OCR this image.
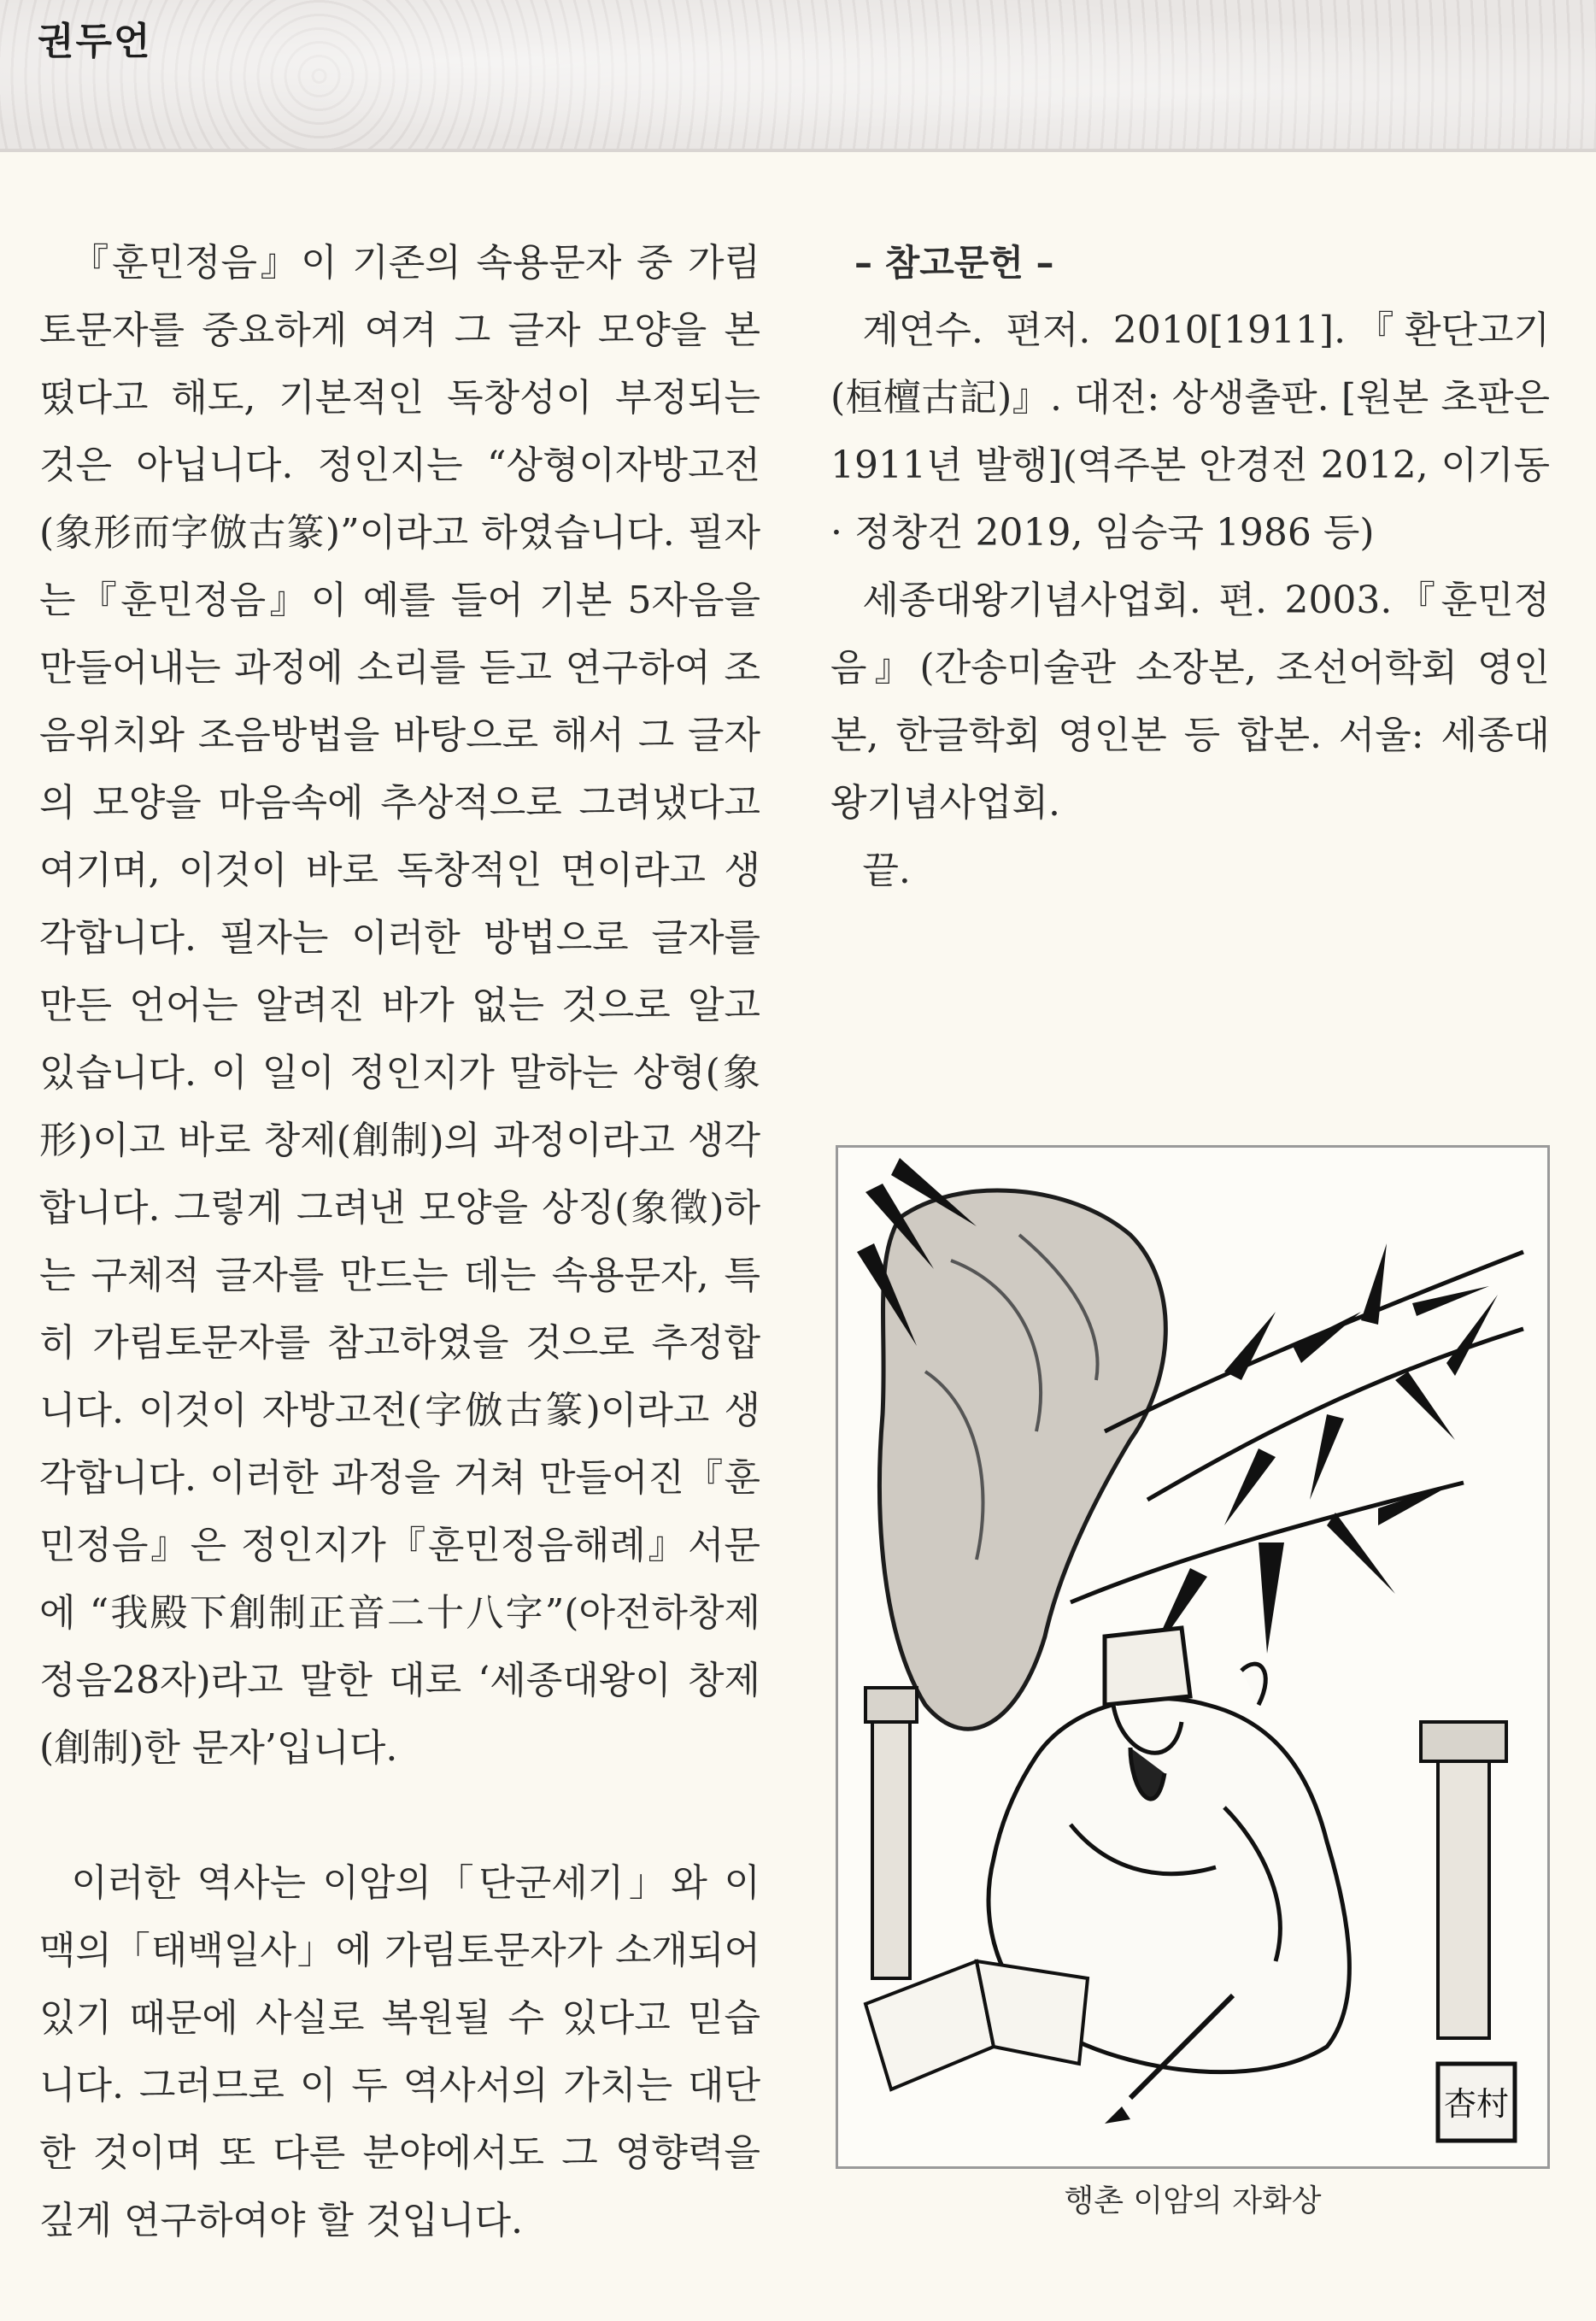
권두언

『훈민정음』이 기존의 속용문자 중 가림토문자를 중요하게 여겨 그 글자 모양을 본떴다고 해도, 기본적인 독창성이 부정되는 것은 아닙니다. 정인지는 “상형이자방고전(象形而字倣古篆)”이라고 하였습니다. 필자는『훈민정음』이 예를 들어 기본 5자음을 만들어내는 과정에 소리를 듣고 연구하여 조음위치와 조음방법을 바탕으로 해서 그 글자의 모양을 마음속에 추상적으로 그려냈다고 여기며, 이것이 바로 독창적인 면이라고 생각합니다. 필자는 이러한 방법으로 글자를 만든 언어는 알려진 바가 없는 것으로 알고 있습니다. 이 일이 정인지가 말하는 상형(象形)이고 바로 창제(創制)의 과정이라고 생각합니다. 그렇게 그려낸 모양을 상징(象徵)하는 구체적 글자를 만드는 데는 속용문자, 특히 가림토문자를 참고하였을 것으로 추정합니다. 이것이 자방고전(字倣古篆)이라고 생각합니다. 이러한 과정을 거쳐 만들어진『훈민정음』은 정인지가『훈민정음해례』서문에 “我殿下創制正音二十八字”(아전하창제정음28자)라고 말한 대로 ‘세종대왕이 창제(創制)한 문자’입니다.

이러한 역사는 이암의「단군세기」와 이맥의「태백일사」에 가림토문자가 소개되어 있기 때문에 사실로 복원될 수 있다고 믿습니다. 그러므로 이 두 역사서의 가치는 대단한 것이며 또 다른 분야에서도 그 영향력을 깊게 연구하여야 할 것입니다.

– 참고문헌 –

계연수. 편저. 2010[1911].『환단고기(桓檀古記)』. 대전: 상생출판. [원본 초판은 1911년 발행](역주본 안경전 2012, 이기동 · 정창건 2019, 임승국 1986 등)

세종대왕기념사업회. 편. 2003.『훈민정음』(간송미술관 소장본, 조선어학회 영인본, 한글학회 영인본 등 합본. 서울: 세종대왕기념사업회.

끝.

杏村
행촌 이암의 자화상
